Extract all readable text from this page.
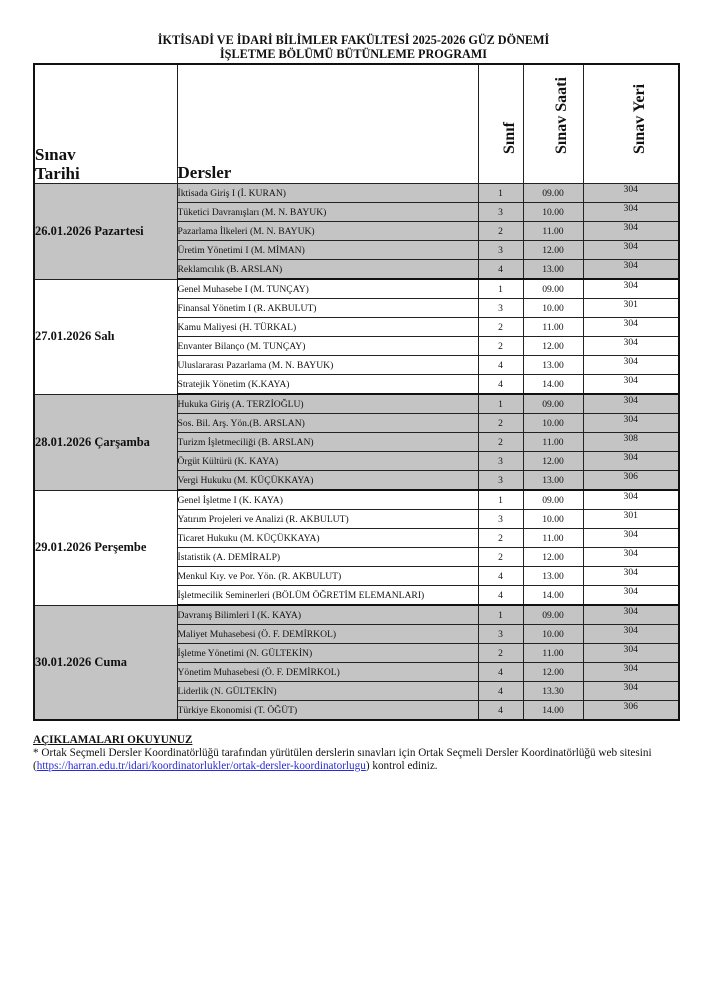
İKTİSADİ VE İDARİ BİLİMLER FAKÜLTESİ 2025-2026 GÜZ DÖNEMİ
İŞLETME BÖLÜMÜ BÜTÜNLEME PROGRAMI
Sınav
Tarihi	Dersler	Sınıf	Sınav Saati	Sınav Yeri

26.01.2026 Pazartesi	İktisada Giriş I (İ. KURAN)	1	09.00	304
	Tüketici Davranışları (M. N. BAYUK)	3	10.00	304
	Pazarlama İlkeleri (M. N. BAYUK)	2	11.00	304
	Üretim Yönetimi I (M. MİMAN)	3	12.00	304
	Reklamcılık (B. ARSLAN)	4	13.00	304
27.01.2026 Salı	Genel Muhasebe I (M. TUNÇAY)	1	09.00	304
	Finansal Yönetim I (R. AKBULUT)	3	10.00	301
	Kamu Maliyesi (H. TÜRKAL)	2	11.00	304
	Envanter Bilanço (M. TUNÇAY)	2	12.00	304
	Uluslararası Pazarlama (M. N. BAYUK)	4	13.00	304
	Stratejik Yönetim (K.KAYA)	4	14.00	304
28.01.2026 Çarşamba	Hukuka Giriş (A. TERZİOĞLU)	1	09.00	304
	Sos. Bil. Arş. Yön.(B. ARSLAN)	2	10.00	304
	Turizm İşletmeciliği (B. ARSLAN)	2	11.00	308
	Örgüt Kültürü (K. KAYA)	3	12.00	304
	Vergi Hukuku (M. KÜÇÜKKAYA)	3	13.00	306
29.01.2026 Perşembe	Genel İşletme I (K. KAYA)	1	09.00	304
	Yatırım Projeleri ve Analizi (R. AKBULUT)	3	10.00	301
	Ticaret Hukuku (M. KÜÇÜKKAYA)	2	11.00	304
	İstatistik (A. DEMİRALP)	2	12.00	304
	Menkul Kıy. ve Por. Yön. (R. AKBULUT)	4	13.00	304
	İşletmecilik Seminerleri (BÖLÜM ÖĞRETİM ELEMANLARI)	4	14.00	304
30.01.2026 Cuma	Davranış Bilimleri I (K. KAYA)	1	09.00	304
	Maliyet Muhasebesi (Ö. F. DEMİRKOL)	3	10.00	304
	İşletme Yönetimi (N. GÜLTEKİN)	2	11.00	304
	Yönetim Muhasebesi (Ö. F. DEMİRKOL)	4	12.00	304
	Liderlik (N. GÜLTEKİN)	4	13.30	304
	Türkiye Ekonomisi (T. ÖĞÜT)	4	14.00	306
AÇIKLAMALARI OKUYUNUZ
* Ortak Seçmeli Dersler Koordinatörlüğü tarafından yürütülen derslerin sınavları için Ortak Seçmeli Dersler Koordinatörlüğü web sitesini (https://harran.edu.tr/idari/koordinatorlukler/ortak-dersler-koordinatorlugu) kontrol ediniz.
